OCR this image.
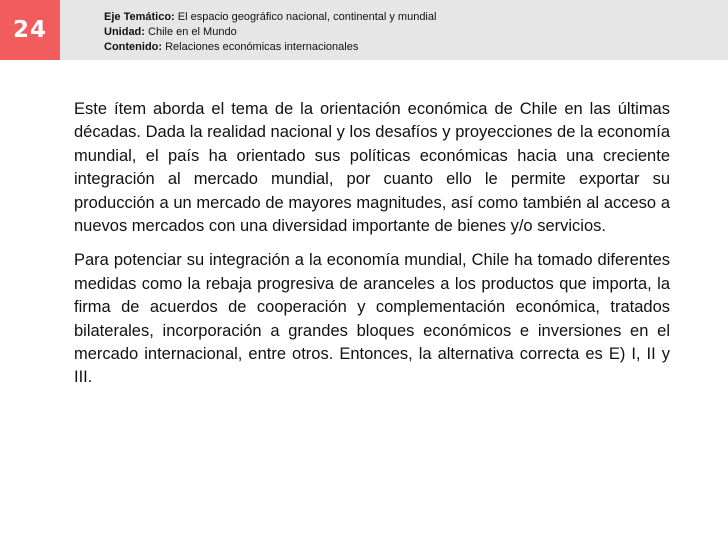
24	Eje Temático: El espacio geográfico nacional, continental y mundial
Unidad: Chile en el Mundo
Contenido: Relaciones económicas internacionales

Este ítem aborda el tema de la orientación económica de Chile en las últimas décadas. Dada la realidad nacional y los desafíos y proyecciones de la economía mundial, el país ha orientado sus políticas económicas hacia una creciente integración al mercado mundial, por cuanto ello le permite exportar su producción a un mercado de mayores magnitudes, así como también al acceso a nuevos mercados con una diversidad importante de bienes y/o servicios.

Para potenciar su integración a la economía mundial, Chile ha tomado diferentes medidas como la rebaja progresiva de aranceles a los productos que importa, la firma de acuerdos de cooperación y complementación económica, tratados bilaterales, incorporación a grandes bloques económicos e inversiones en el mercado internacional, entre otros. Entonces, la alternativa correcta es E) I, II y III.
